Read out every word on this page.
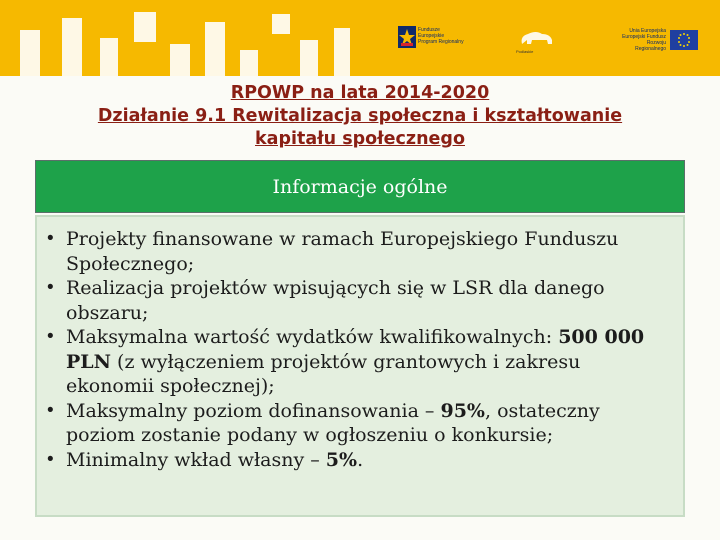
Fundusze
Europejskie
Program Regionalny
Podlaskie
Unia Europejska
Europejski Fundusz
Rozwoju Regionalnego
RPOWP na lata 2014-2020
Działanie 9.1 Rewitalizacja społeczna i kształtowanie
kapitału społecznego
Informacje ogólne
• Projekty finansowane w ramach Europejskiego Funduszu Społecznego;
• Realizacja projektów wpisujących się w LSR dla danego obszaru;
• Maksymalna wartość wydatków kwalifikowalnych: 500 000 PLN (z wyłączeniem projektów grantowych i zakresu ekonomii społecznej);
• Maksymalny poziom dofinansowania – 95%, ostateczny poziom zostanie podany w ogłoszeniu o konkursie;
• Minimalny wkład własny – 5%.
